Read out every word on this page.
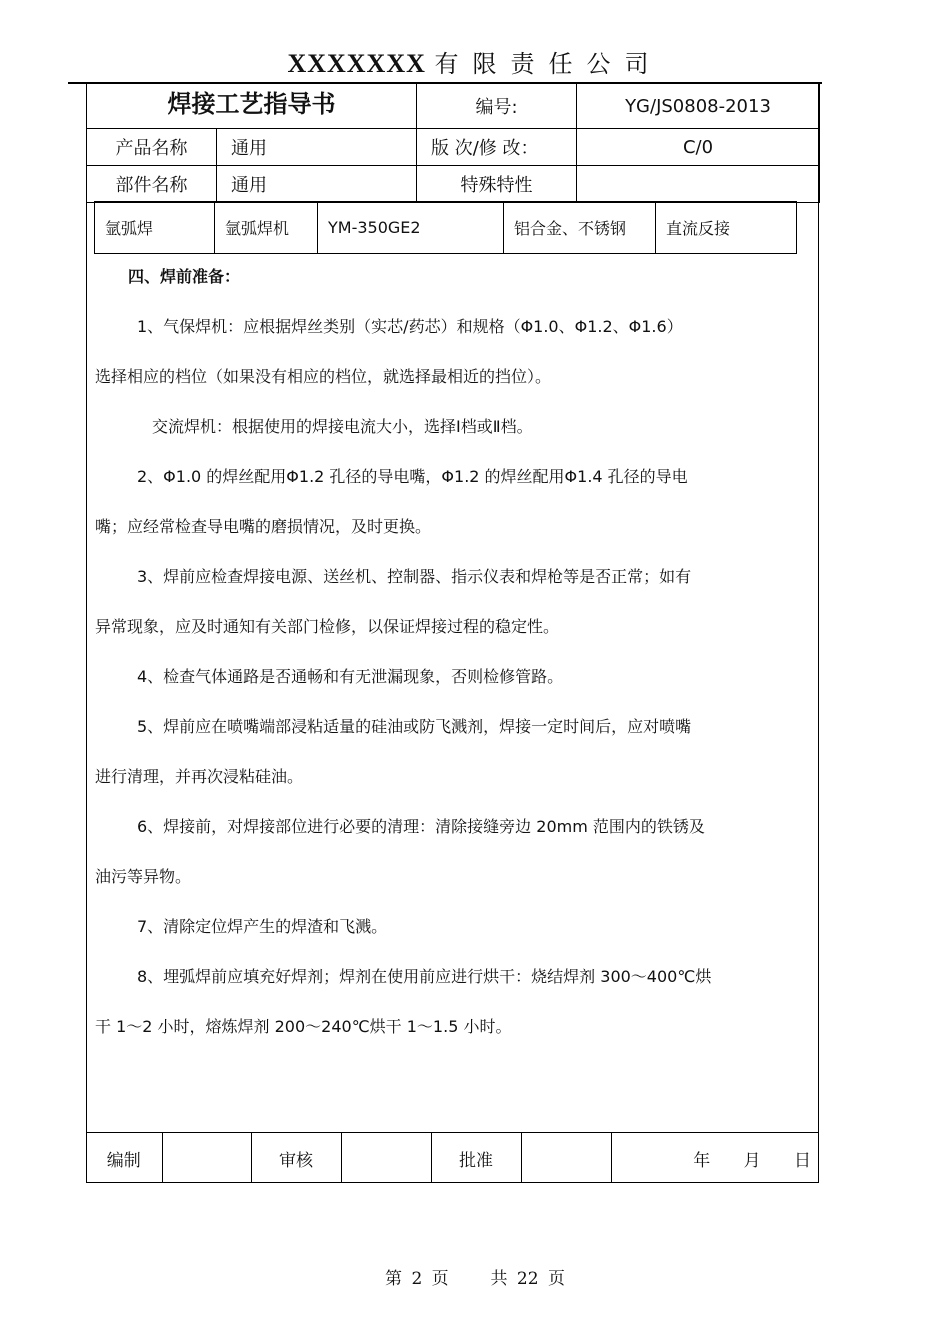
XXXXXXX 有限责任公司
焊接工艺指导书		编号:	YG/JS0808-2013
产品名称	通用	版 次/修 改：	C/0
部件名称	通用	特殊特性	
氩弧焊	氩弧焊机	YM-350GE2	铝合金、不锈钢	直流反接

四、焊前准备：

1、气保焊机：应根据焊丝类别（实芯/药芯）和规格（Φ1.0、Φ1.2、Φ1.6）

选择相应的档位（如果没有相应的档位，就选择最相近的挡位）。

交流焊机：根据使用的焊接电流大小，选择Ⅰ档或Ⅱ档。

2、Φ1.0 的焊丝配用Φ1.2 孔径的导电嘴，Φ1.2 的焊丝配用Φ1.4 孔径的导电

嘴；应经常检查导电嘴的磨损情况，及时更换。

3、焊前应检查焊接电源、送丝机、控制器、指示仪表和焊枪等是否正常；如有

异常现象，应及时通知有关部门检修，以保证焊接过程的稳定性。

4、检查气体通路是否通畅和有无泄漏现象，否则检修管路。

5、焊前应在喷嘴端部浸粘适量的硅油或防飞溅剂，焊接一定时间后，应对喷嘴

进行清理，并再次浸粘硅油。

6、焊接前，对焊接部位进行必要的清理：清除接缝旁边 20mm 范围内的铁锈及

油污等异物。

7、清除定位焊产生的焊渣和飞溅。

8、埋弧焊前应填充好焊剂；焊剂在使用前应进行烘干：烧结焊剂 300～400℃烘

干 1～2 小时，熔炼焊剂 200～240℃烘干 1～1.5 小时。

编制		审核		批准		年 月 日
第 2 页 共 22 页
